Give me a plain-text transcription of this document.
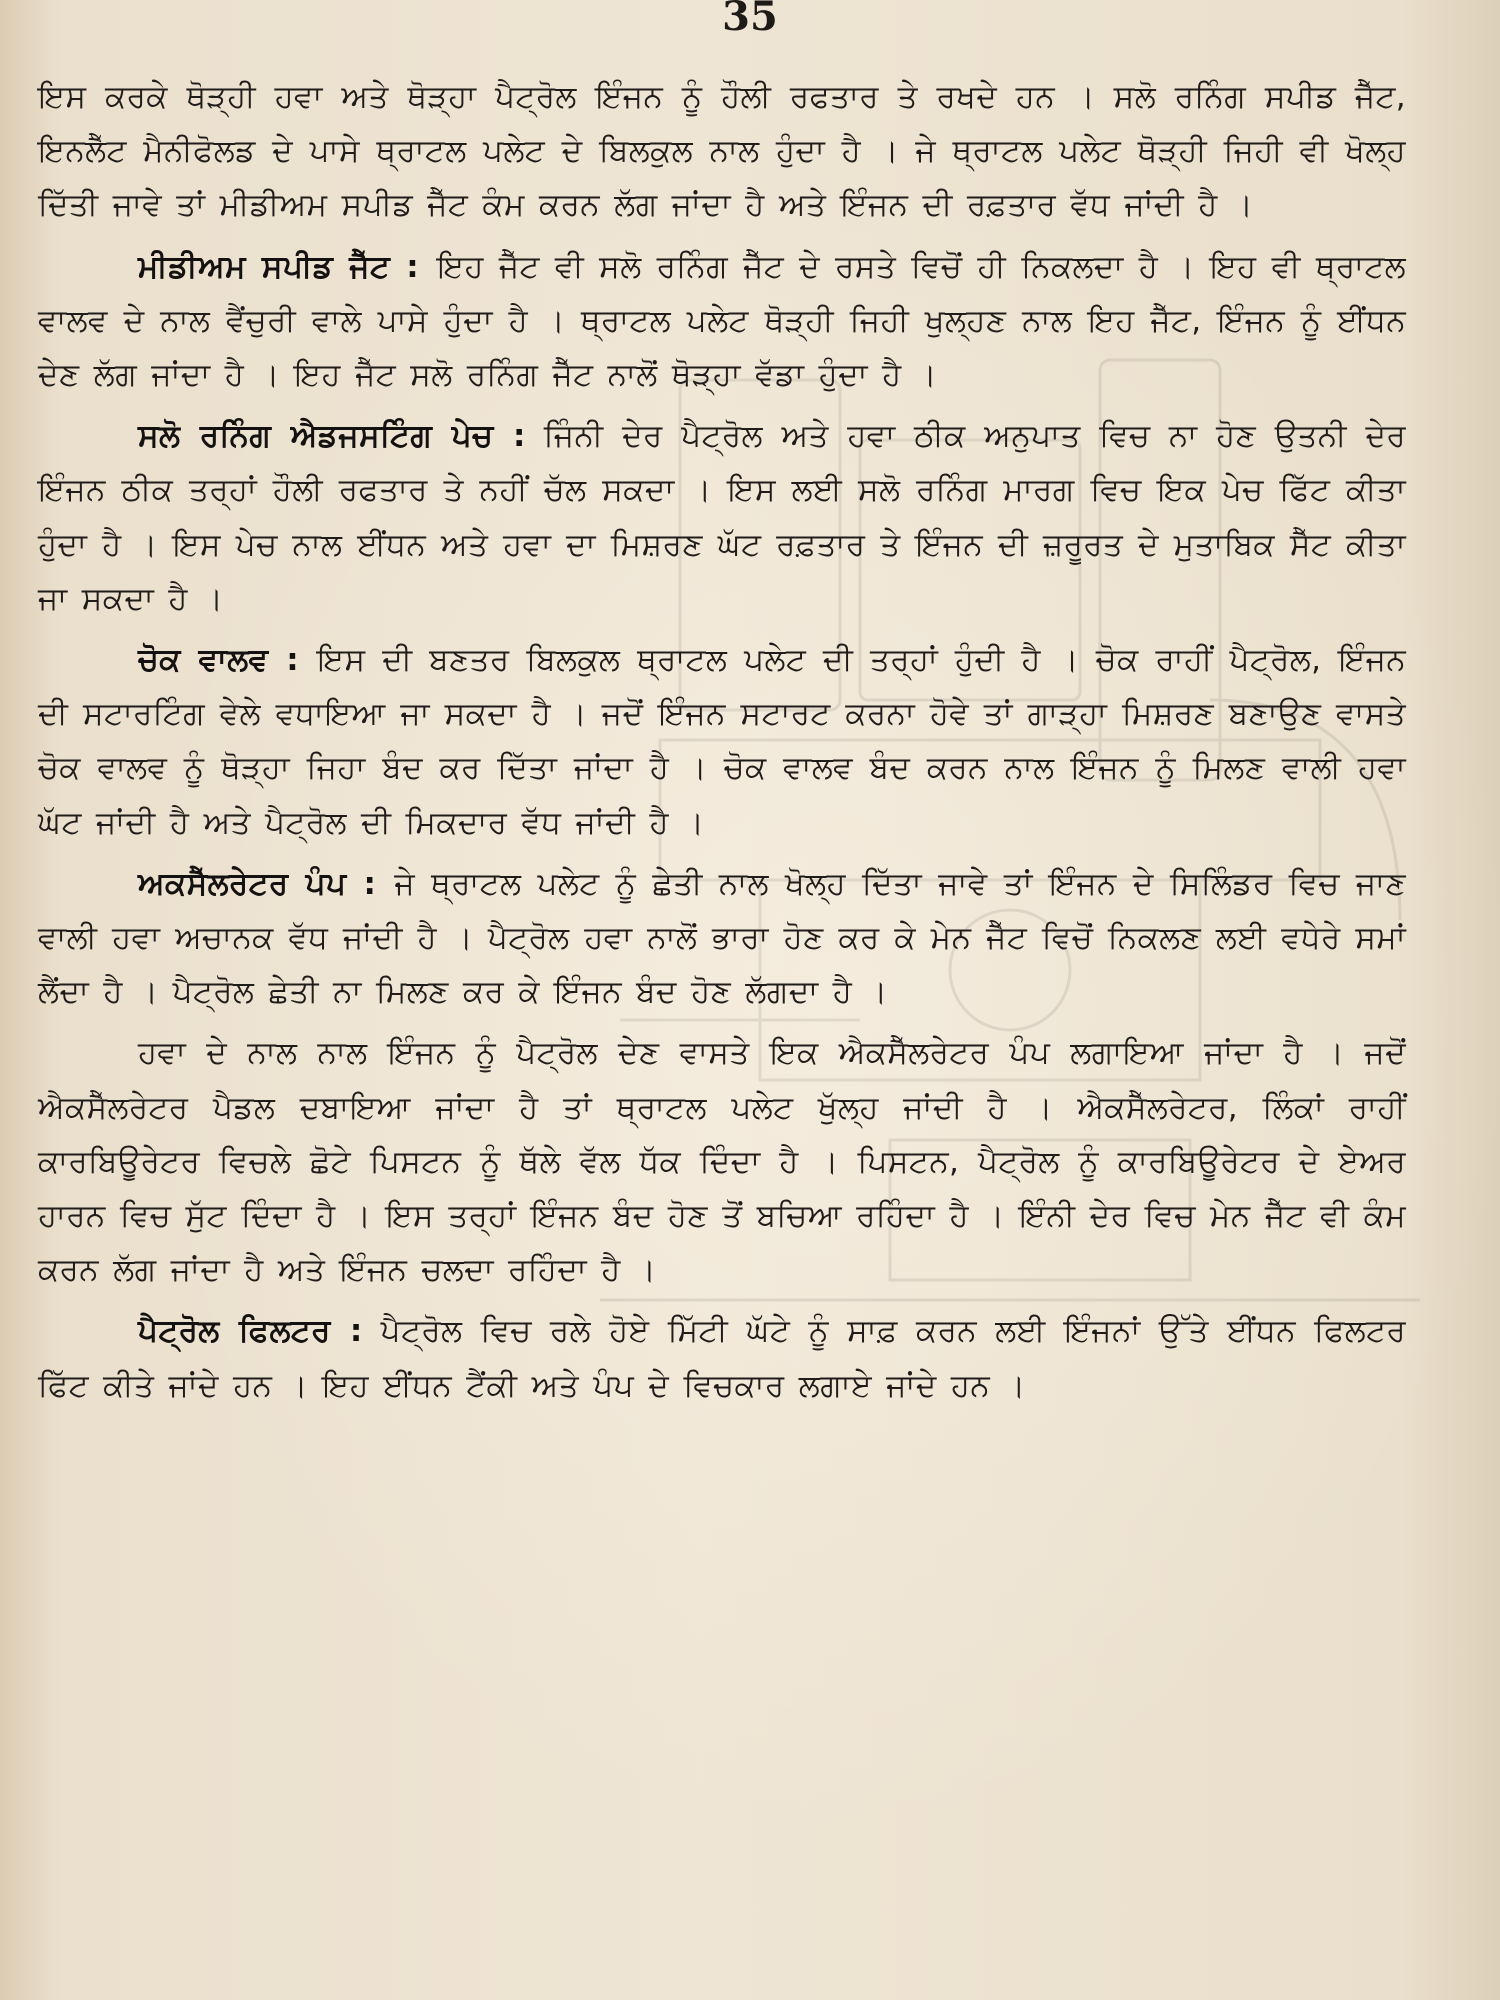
35

ਇਸ ਕਰਕੇ ਥੋੜ੍ਹੀ ਹਵਾ ਅਤੇ ਥੋੜ੍ਹਾ ਪੈਟ੍ਰੋਲ ਇੰਜਨ ਨੂੰ ਹੌਲੀ ਰਫਤਾਰ ਤੇ ਰਖਦੇ ਹਨ । ਸਲੋ ਰਨਿੰਗ ਸਪੀਡ ਜੈੱਟ, ਇਨਲੈੱਟ ਮੈਨੀਫੋਲਡ ਦੇ ਪਾਸੇ ਥ੍ਰਾਟਲ ਪਲੇਟ ਦੇ ਬਿਲਕੁਲ ਨਾਲ ਹੁੰਦਾ ਹੈ । ਜੇ ਥ੍ਰਾਟਲ ਪਲੇਟ ਥੋੜ੍ਹੀ ਜਿਹੀ ਵੀ ਖੋਲ੍ਹ ਦਿੱਤੀ ਜਾਵੇ ਤਾਂ ਮੀਡੀਅਮ ਸਪੀਡ ਜੈੱਟ ਕੰਮ ਕਰਨ ਲੱਗ ਜਾਂਦਾ ਹੈ ਅਤੇ ਇੰਜਨ ਦੀ ਰਫ਼ਤਾਰ ਵੱਧ ਜਾਂਦੀ ਹੈ ।

ਮੀਡੀਅਮ ਸਪੀਡ ਜੈੱਟ : ਇਹ ਜੈੱਟ ਵੀ ਸਲੋ ਰਨਿੰਗ ਜੈੱਟ ਦੇ ਰਸਤੇ ਵਿਚੋਂ ਹੀ ਨਿਕਲਦਾ ਹੈ । ਇਹ ਵੀ ਥ੍ਰਾਟਲ ਵਾਲਵ ਦੇ ਨਾਲ ਵੈਂਚੁਰੀ ਵਾਲੇ ਪਾਸੇ ਹੁੰਦਾ ਹੈ । ਥ੍ਰਾਟਲ ਪਲੇਟ ਥੋੜ੍ਹੀ ਜਿਹੀ ਖੁਲ੍ਹਣ ਨਾਲ ਇਹ ਜੈੱਟ, ਇੰਜਨ ਨੂੰ ਈਂਧਨ ਦੇਣ ਲੱਗ ਜਾਂਦਾ ਹੈ । ਇਹ ਜੈੱਟ ਸਲੋ ਰਨਿੰਗ ਜੈੱਟ ਨਾਲੋਂ ਥੋੜ੍ਹਾ ਵੱਡਾ ਹੁੰਦਾ ਹੈ ।

ਸਲੋ ਰਨਿੰਗ ਐਡਜਸਟਿੰਗ ਪੇਚ : ਜਿੰਨੀ ਦੇਰ ਪੈਟ੍ਰੋਲ ਅਤੇ ਹਵਾ ਠੀਕ ਅਨੁਪਾਤ ਵਿਚ ਨਾ ਹੋਣ ਉਤਨੀ ਦੇਰ ਇੰਜਨ ਠੀਕ ਤਰ੍ਹਾਂ ਹੌਲੀ ਰਫਤਾਰ ਤੇ ਨਹੀਂ ਚੱਲ ਸਕਦਾ । ਇਸ ਲਈ ਸਲੋ ਰਨਿੰਗ ਮਾਰਗ ਵਿਚ ਇਕ ਪੇਚ ਫਿੱਟ ਕੀਤਾ ਹੁੰਦਾ ਹੈ । ਇਸ ਪੇਚ ਨਾਲ ਈਂਧਨ ਅਤੇ ਹਵਾ ਦਾ ਮਿਸ਼ਰਣ ਘੱਟ ਰਫ਼ਤਾਰ ਤੇ ਇੰਜਨ ਦੀ ਜ਼ਰੂਰਤ ਦੇ ਮੁਤਾਬਿਕ ਸੈੱਟ ਕੀਤਾ ਜਾ ਸਕਦਾ ਹੈ ।

ਚੋਕ ਵਾਲਵ : ਇਸ ਦੀ ਬਣਤਰ ਬਿਲਕੁਲ ਥ੍ਰਾਟਲ ਪਲੇਟ ਦੀ ਤਰ੍ਹਾਂ ਹੁੰਦੀ ਹੈ । ਚੋਕ ਰਾਹੀਂ ਪੈਟ੍ਰੋਲ, ਇੰਜਨ ਦੀ ਸਟਾਰਟਿੰਗ ਵੇਲੇ ਵਧਾਇਆ ਜਾ ਸਕਦਾ ਹੈ । ਜਦੋਂ ਇੰਜਨ ਸਟਾਰਟ ਕਰਨਾ ਹੋਵੇ ਤਾਂ ਗਾੜ੍ਹਾ ਮਿਸ਼ਰਣ ਬਣਾਉਣ ਵਾਸਤੇ ਚੋਕ ਵਾਲਵ ਨੂੰ ਥੋੜ੍ਹਾ ਜਿਹਾ ਬੰਦ ਕਰ ਦਿੱਤਾ ਜਾਂਦਾ ਹੈ । ਚੋਕ ਵਾਲਵ ਬੰਦ ਕਰਨ ਨਾਲ ਇੰਜਨ ਨੂੰ ਮਿਲਣ ਵਾਲੀ ਹਵਾ ਘੱਟ ਜਾਂਦੀ ਹੈ ਅਤੇ ਪੈਟ੍ਰੋਲ ਦੀ ਮਿਕਦਾਰ ਵੱਧ ਜਾਂਦੀ ਹੈ ।

ਅਕਸੈੱਲਰੇਟਰ ਪੰਪ : ਜੇ ਥ੍ਰਾਟਲ ਪਲੇਟ ਨੂੰ ਛੇਤੀ ਨਾਲ ਖੋਲ੍ਹ ਦਿੱਤਾ ਜਾਵੇ ਤਾਂ ਇੰਜਨ ਦੇ ਸਿਲਿੰਡਰ ਵਿਚ ਜਾਣ ਵਾਲੀ ਹਵਾ ਅਚਾਨਕ ਵੱਧ ਜਾਂਦੀ ਹੈ । ਪੈਟ੍ਰੋਲ ਹਵਾ ਨਾਲੋਂ ਭਾਰਾ ਹੋਣ ਕਰ ਕੇ ਮੇਨ ਜੈੱਟ ਵਿਚੋਂ ਨਿਕਲਣ ਲਈ ਵਧੇਰੇ ਸਮਾਂ ਲੈਂਦਾ ਹੈ । ਪੈਟ੍ਰੋਲ ਛੇਤੀ ਨਾ ਮਿਲਣ ਕਰ ਕੇ ਇੰਜਨ ਬੰਦ ਹੋਣ ਲੱਗਦਾ ਹੈ ।

ਹਵਾ ਦੇ ਨਾਲ ਨਾਲ ਇੰਜਨ ਨੂੰ ਪੈਟ੍ਰੋਲ ਦੇਣ ਵਾਸਤੇ ਇਕ ਐਕਸੈੱਲਰੇਟਰ ਪੰਪ ਲਗਾਇਆ ਜਾਂਦਾ ਹੈ । ਜਦੋਂ ਐਕਸੈੱਲਰੇਟਰ ਪੈਡਲ ਦਬਾਇਆ ਜਾਂਦਾ ਹੈ ਤਾਂ ਥ੍ਰਾਟਲ ਪਲੇਟ ਖੁੱਲ੍ਹ ਜਾਂਦੀ ਹੈ । ਐਕਸੈੱਲਰੇਟਰ, ਲਿੰਕਾਂ ਰਾਹੀਂ ਕਾਰਬਿਊਰੇਟਰ ਵਿਚਲੇ ਛੋਟੇ ਪਿਸਟਨ ਨੂੰ ਥੱਲੇ ਵੱਲ ਧੱਕ ਦਿੰਦਾ ਹੈ । ਪਿਸਟਨ, ਪੈਟ੍ਰੋਲ ਨੂੰ ਕਾਰਬਿਊਰੇਟਰ ਦੇ ਏਅਰ ਹਾਰਨ ਵਿਚ ਸੁੱਟ ਦਿੰਦਾ ਹੈ । ਇਸ ਤਰ੍ਹਾਂ ਇੰਜਨ ਬੰਦ ਹੋਣ ਤੋਂ ਬਚਿਆ ਰਹਿੰਦਾ ਹੈ । ਇੰਨੀ ਦੇਰ ਵਿਚ ਮੇਨ ਜੈੱਟ ਵੀ ਕੰਮ ਕਰਨ ਲੱਗ ਜਾਂਦਾ ਹੈ ਅਤੇ ਇੰਜਨ ਚਲਦਾ ਰਹਿੰਦਾ ਹੈ ।

ਪੈਟ੍ਰੋਲ ਫਿਲਟਰ : ਪੈਟ੍ਰੋਲ ਵਿਚ ਰਲੇ ਹੋਏ ਮਿੱਟੀ ਘੱਟੇ ਨੂੰ ਸਾਫ਼ ਕਰਨ ਲਈ ਇੰਜਨਾਂ ਉੱਤੇ ਈਂਧਨ ਫਿਲਟਰ ਫਿੱਟ ਕੀਤੇ ਜਾਂਦੇ ਹਨ । ਇਹ ਈਂਧਨ ਟੈਂਕੀ ਅਤੇ ਪੰਪ ਦੇ ਵਿਚਕਾਰ ਲਗਾਏ ਜਾਂਦੇ ਹਨ ।
